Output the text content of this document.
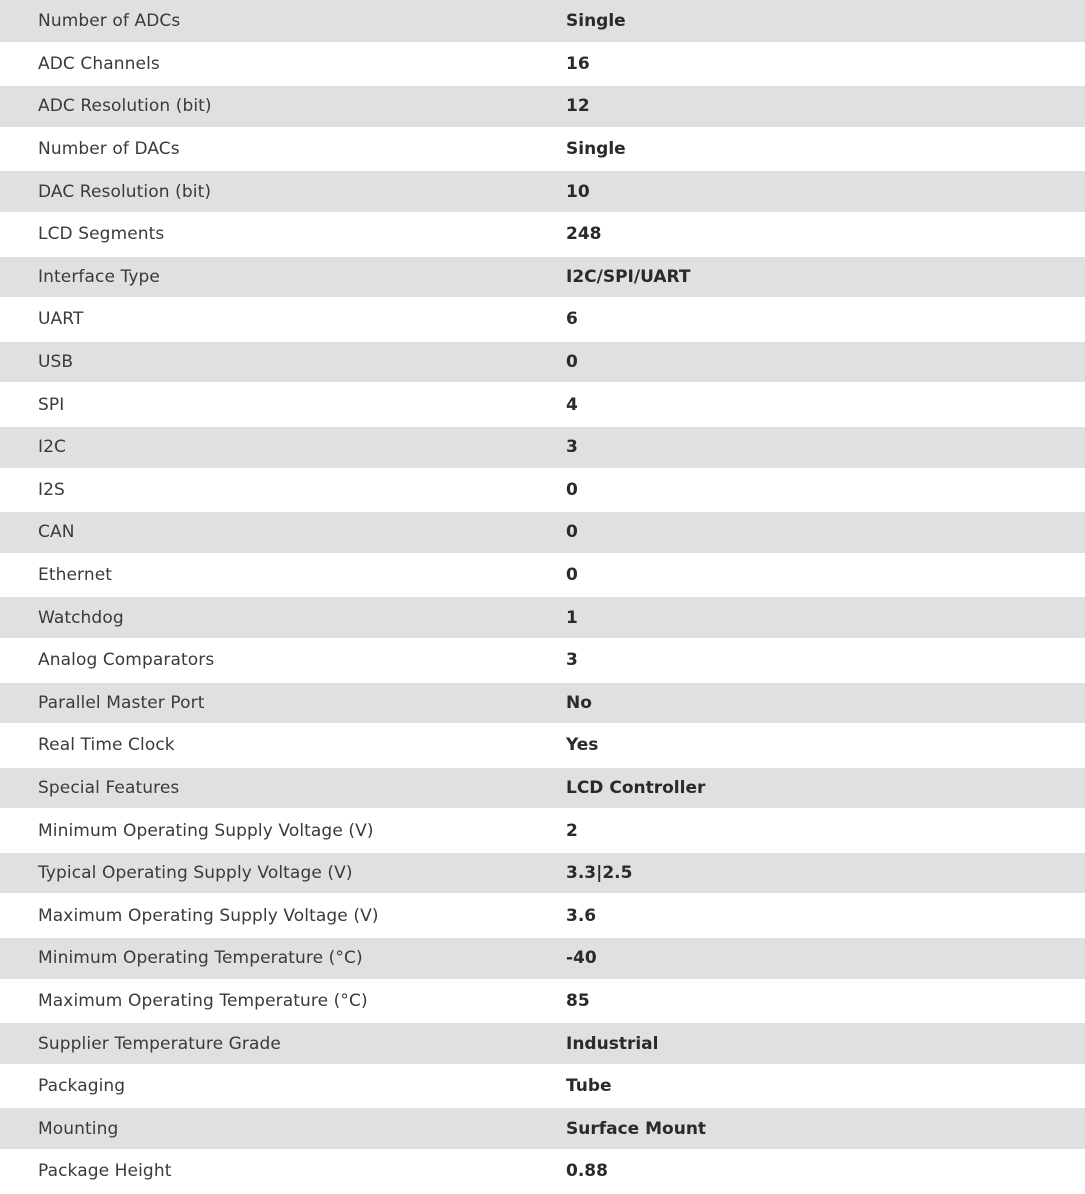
Number of ADCs	Single
ADC Channels	16
ADC Resolution (bit)	12
Number of DACs	Single
DAC Resolution (bit)	10
LCD Segments	248
Interface Type	I2C/SPI/UART
UART	6
USB	0
SPI	4
I2C	3
I2S	0
CAN	0
Ethernet	0
Watchdog	1
Analog Comparators	3
Parallel Master Port	No
Real Time Clock	Yes
Special Features	LCD Controller
Minimum Operating Supply Voltage (V)	2
Typical Operating Supply Voltage (V)	3.3|2.5
Maximum Operating Supply Voltage (V)	3.6
Minimum Operating Temperature (°C)	-40
Maximum Operating Temperature (°C)	85
Supplier Temperature Grade	Industrial
Packaging	Tube
Mounting	Surface Mount
Package Height	0.88
